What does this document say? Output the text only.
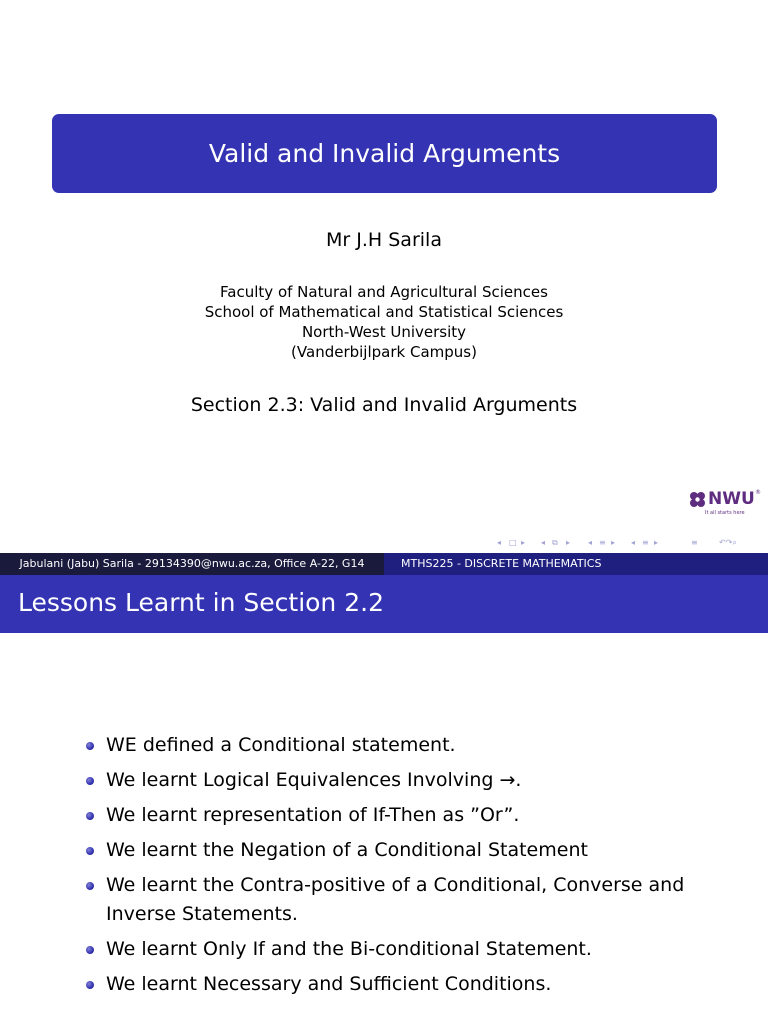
Valid and Invalid Arguments
Mr J.H Sarila
Faculty of Natural and Agricultural Sciences
School of Mathematical and Statistical Sciences
North-West University
(Vanderbijlpark Campus)
Section 2.3: Valid and Invalid Arguments
NWU ®
It all starts here
◂ □ ▸ ◂ ⧉ ▸ ◂ ≡ ▸ ◂ ≡ ▸	≡	↶↷⌕
Jabulani (Jabu) Sarila - 29134390@nwu.ac.za, Office A-22, G14	MTHS225 - DISCRETE MATHEMATICS
Lessons Learnt in Section 2.2
WE defined a Conditional statement.
We learnt Logical Equivalences Involving →.
We learnt representation of If-Then as ”Or”.
We learnt the Negation of a Conditional Statement
We learnt the Contra-positive of a Conditional, Converse and Inverse Statements.
We learnt Only If and the Bi-conditional Statement.
We learnt Necessary and Sufficient Conditions.
